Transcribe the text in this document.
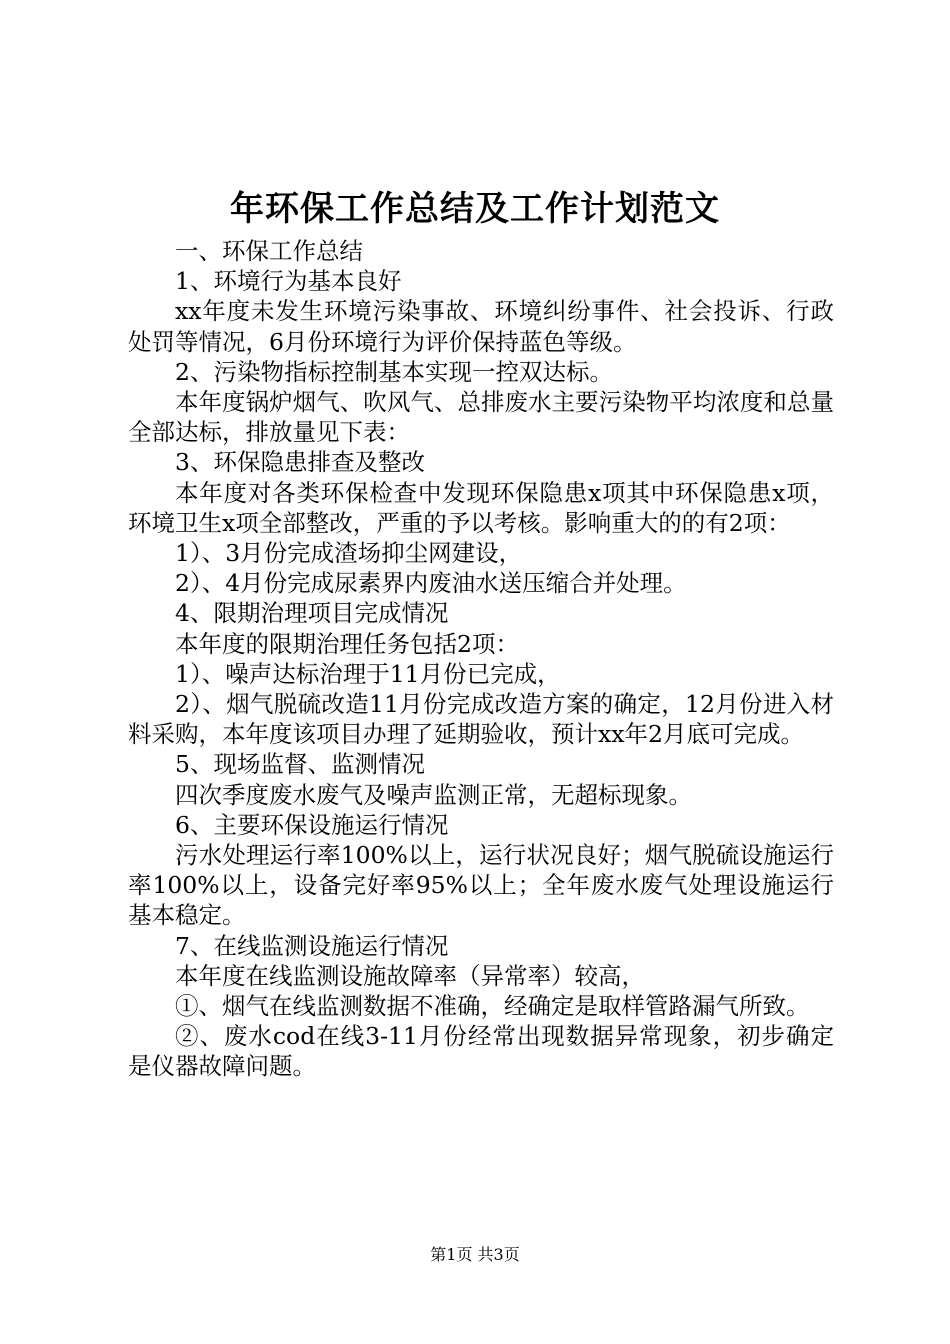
年环保工作总结及工作计划范文

一、环保工作总结

1、环境行为基本良好

xx年度未发生环境污染事故、环境纠纷事件、社会投诉、行政处罚等情况，6月份环境行为评价保持蓝色等级。

2、污染物指标控制基本实现一控双达标。

本年度锅炉烟气、吹风气、总排废水主要污染物平均浓度和总量全部达标，排放量见下表：

3、环保隐患排查及整改

本年度对各类环保检查中发现环保隐患x项其中环保隐患x项，环境卫生x项全部整改，严重的予以考核。影响重大的的有2项：

1）、3月份完成渣场抑尘网建设，

2）、4月份完成尿素界内废油水送压缩合并处理。

4、限期治理项目完成情况

本年度的限期治理任务包括2项：

1）、噪声达标治理于11月份已完成，

2）、烟气脱硫改造11月份完成改造方案的确定，12月份进入材料采购，本年度该项目办理了延期验收，预计xx年2月底可完成。

5、现场监督、监测情况

四次季度废水废气及噪声监测正常，无超标现象。

6、主要环保设施运行情况

污水处理运行率100%以上，运行状况良好；烟气脱硫设施运行率100%以上，设备完好率95%以上；全年废水废气处理设施运行基本稳定。

7、在线监测设施运行情况

本年度在线监测设施故障率（异常率）较高，

①、烟气在线监测数据不准确，经确定是取样管路漏气所致。

②、废水cod在线3-11月份经常出现数据异常现象，初步确定是仪器故障问题。

第1页 共3页
